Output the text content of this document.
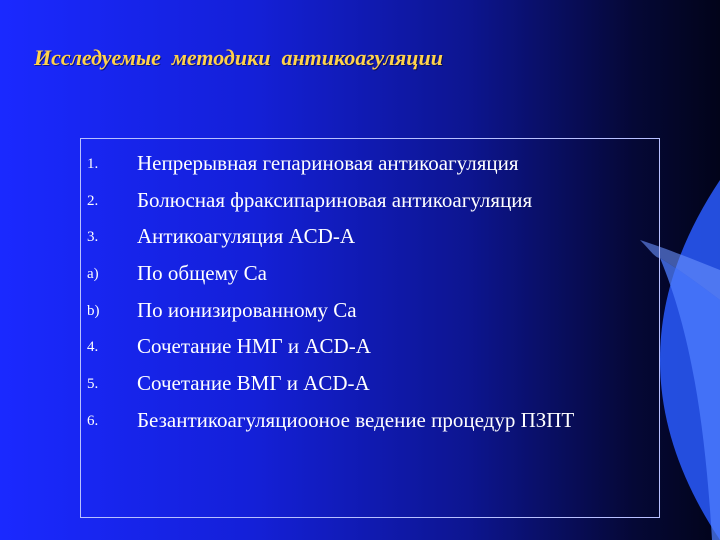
Исследуемые  методики  антикоагуляции
1. Непрерывная гепариновая антикоагуляция
2. Болюсная фраксипариновая антикоагуляция
3. Антикоагуляция ACD-A
a) По общему Са
b) По ионизированному Са
4. Сочетание НМГ и ACD-A
5. Сочетание ВМГ и ACD-A
6. Безантикоагуляциооное ведение процедур ПЗПТ
